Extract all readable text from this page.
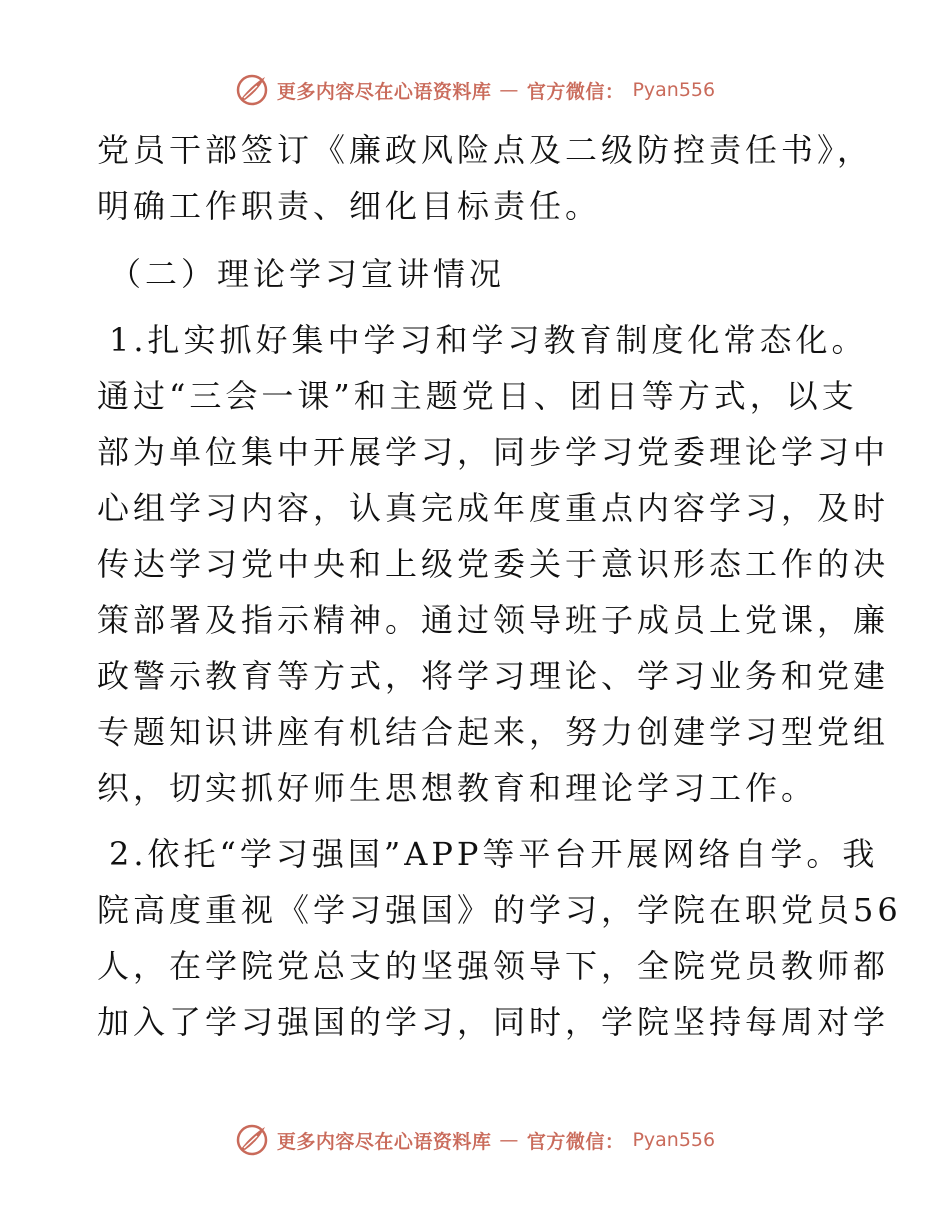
更多内容尽在心语资料库 — 官方微信： Pyan556
党员干部签订《廉政风险点及二级防控责任书》，
明确工作职责、细化目标责任。
（二）理论学习宣讲情况
1.扎实抓好集中学习和学习教育制度化常态化。
通过“三会一课”和主题党日、团日等方式，以支
部为单位集中开展学习，同步学习党委理论学习中
心组学习内容，认真完成年度重点内容学习，及时
传达学习党中央和上级党委关于意识形态工作的决
策部署及指示精神。通过领导班子成员上党课，廉
政警示教育等方式，将学习理论、学习业务和党建
专题知识讲座有机结合起来，努力创建学习型党组
织，切实抓好师生思想教育和理论学习工作。
2.依托“学习强国”APP等平台开展网络自学。我
院高度重视《学习强国》的学习，学院在职党员56
人，在学院党总支的坚强领导下，全院党员教师都
加入了学习强国的学习，同时，学院坚持每周对学
更多内容尽在心语资料库 — 官方微信： Pyan556
